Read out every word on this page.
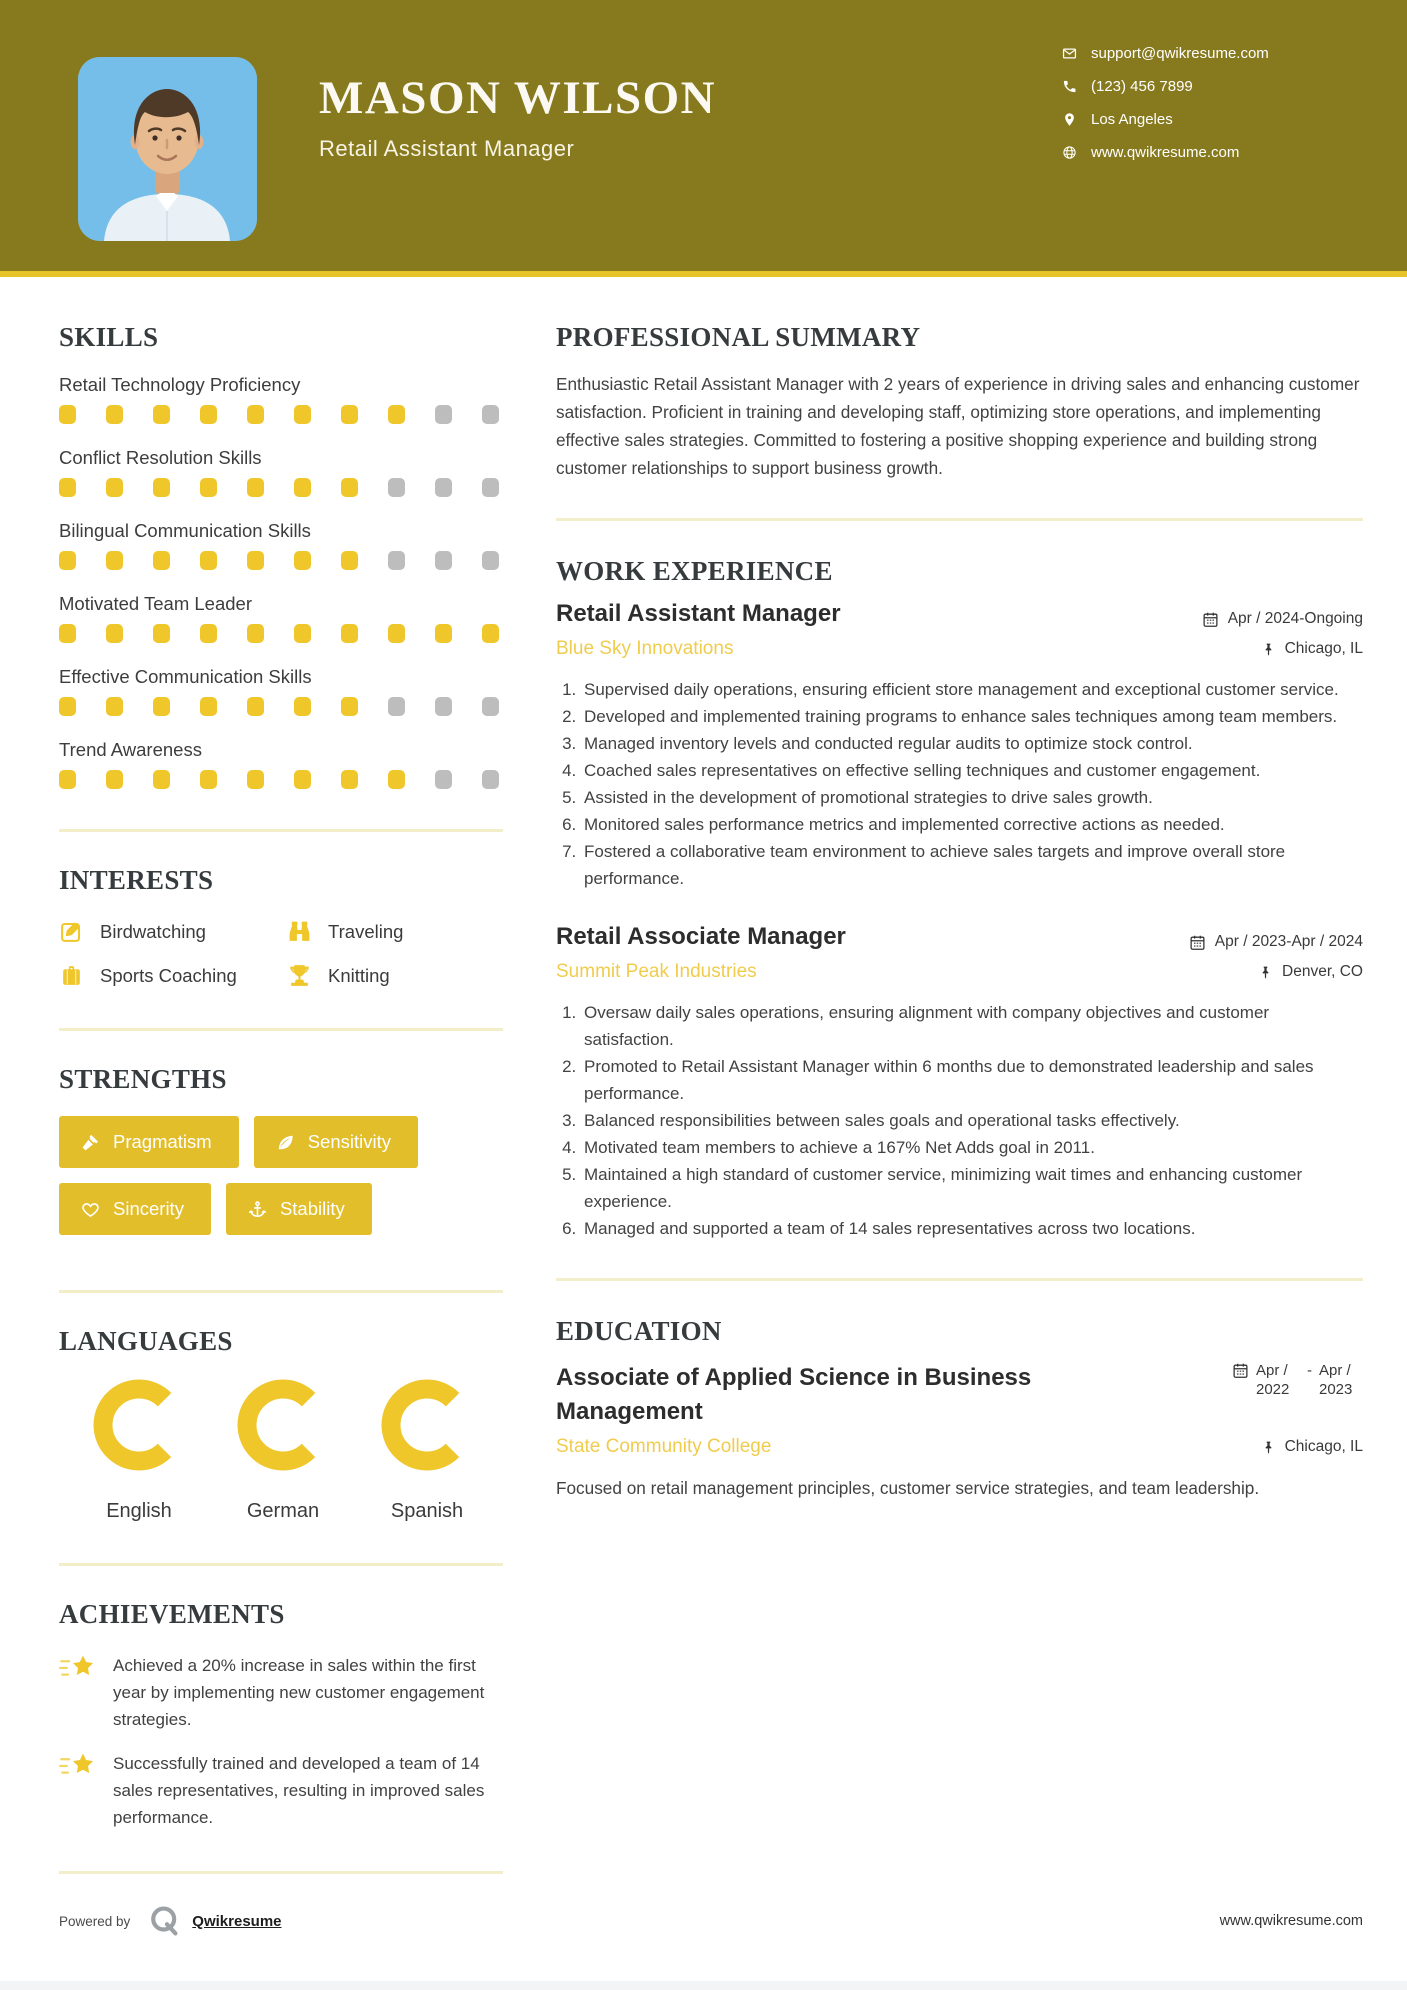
MASON WILSON
Retail Assistant Manager
support@qwikresume.com
(123) 456 7899
Los Angeles
www.qwikresume.com
SKILLS
Retail Technology Proficiency
Conflict Resolution Skills
Bilingual Communication Skills
Motivated Team Leader
Effective Communication Skills
Trend Awareness
INTERESTS
Birdwatching	Traveling
Sports Coaching	Knitting
STRENGTHS
Pragmatism	Sensitivity
Sincerity	Stability
LANGUAGES
English	German	Spanish
ACHIEVEMENTS

Achieved a 20% increase in sales within the first year by implementing new customer engagement strategies.

Successfully trained and developed a team of 14 sales representatives, resulting in improved sales performance.

PROFESSIONAL SUMMARY

Enthusiastic Retail Assistant Manager with 2 years of experience in driving sales and enhancing customer satisfaction. Proficient in training and developing staff, optimizing store operations, and implementing effective sales strategies. Committed to fostering a positive shopping experience and building strong customer relationships to support business growth.

WORK EXPERIENCE
Retail Assistant Manager	Apr / 2024-Ongoing
Blue Sky Innovations	Chicago, IL
1. Supervised daily operations, ensuring efficient store management and exceptional customer service.
2. Developed and implemented training programs to enhance sales techniques among team members.
3. Managed inventory levels and conducted regular audits to optimize stock control.
4. Coached sales representatives on effective selling techniques and customer engagement.
5. Assisted in the development of promotional strategies to drive sales growth.
6. Monitored sales performance metrics and implemented corrective actions as needed.
7. Fostered a collaborative team environment to achieve sales targets and improve overall store performance.
Retail Associate Manager	Apr / 2023-Apr / 2024
Summit Peak Industries	Denver, CO
1. Oversaw daily sales operations, ensuring alignment with company objectives and customer satisfaction.
2. Promoted to Retail Assistant Manager within 6 months due to demonstrated leadership and sales performance.
3. Balanced responsibilities between sales goals and operational tasks effectively.
4. Motivated team members to achieve a 167% Net Adds goal in 2011.
5. Maintained a high standard of customer service, minimizing wait times and enhancing customer experience.
6. Managed and supported a team of 14 sales representatives across two locations.
EDUCATION
Associate of Applied Science in Business Management
Apr / 2022
- Apr / 2023
State Community College	Chicago, IL

Focused on retail management principles, customer service strategies, and team leadership.

Powered by	Qwikresume	www.qwikresume.com
